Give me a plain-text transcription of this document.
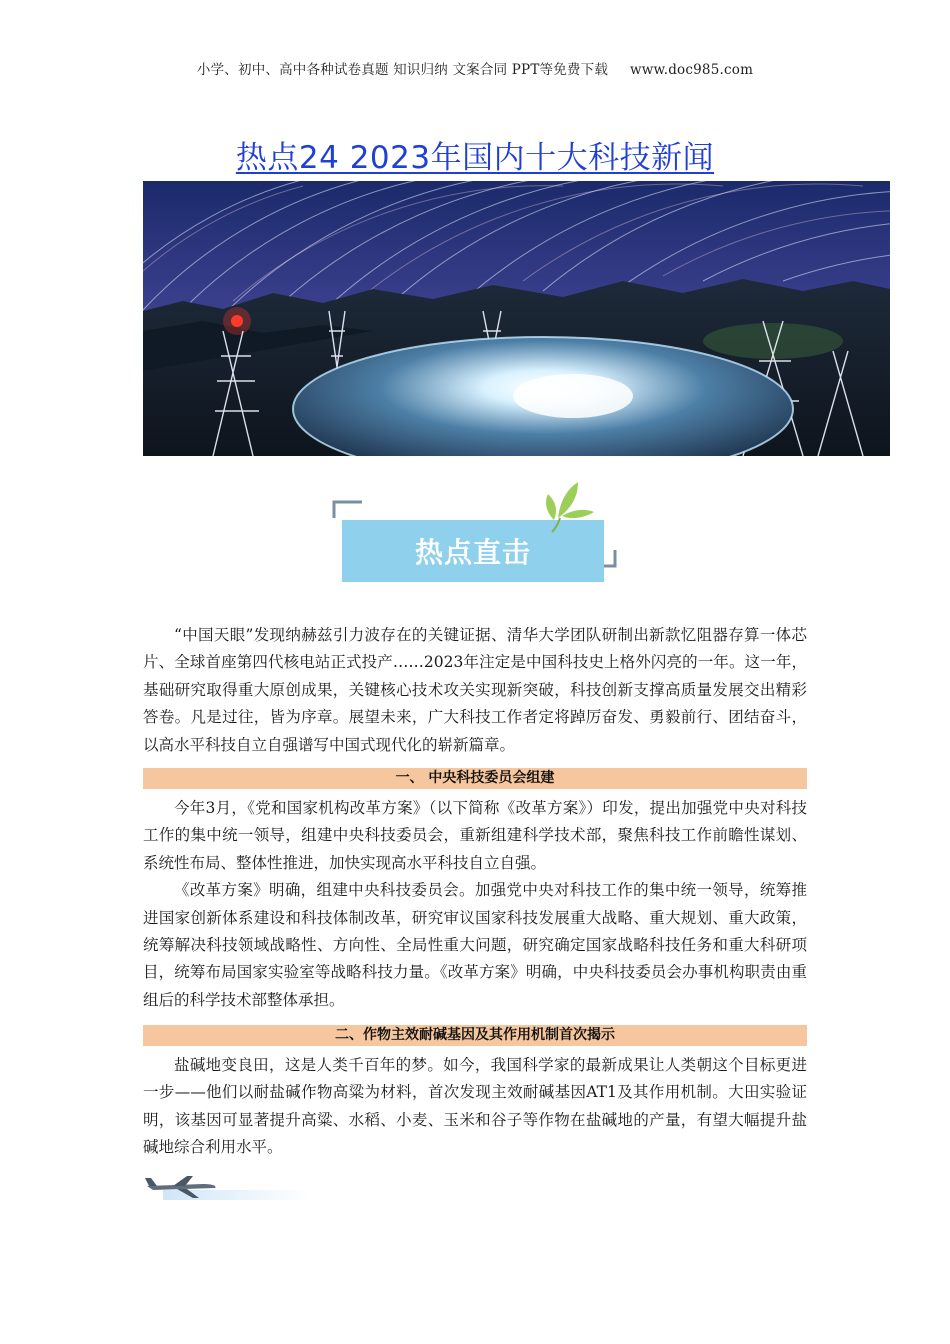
小学、初中、高中各种试卷真题 知识归纳 文案合同 PPT等免费下载 www.doc985.com
热点24 2023年国内十大科技新闻
热点直击

“中国天眼”发现纳赫兹引力波存在的关键证据、清华大学团队研制出新款忆阻器存算一体芯片、全球首座第四代核电站正式投产……2023年注定是中国科技史上格外闪亮的一年。这一年，基础研究取得重大原创成果，关键核心技术攻关实现新突破，科技创新支撑高质量发展交出精彩答卷。凡是过往，皆为序章。展望未来，广大科技工作者定将踔厉奋发、勇毅前行、团结奋斗，以高水平科技自立自强谱写中国式现代化的崭新篇章。

一、 中央科技委员会组建

今年3月，《党和国家机构改革方案》（以下简称《改革方案》）印发，提出加强党中央对科技工作的集中统一领导，组建中央科技委员会，重新组建科学技术部，聚焦科技工作前瞻性谋划、系统性布局、整体性推进，加快实现高水平科技自立自强。

《改革方案》明确，组建中央科技委员会。加强党中央对科技工作的集中统一领导，统筹推进国家创新体系建设和科技体制改革，研究审议国家科技发展重大战略、重大规划、重大政策，统筹解决科技领域战略性、方向性、全局性重大问题，研究确定国家战略科技任务和重大科研项目，统筹布局国家实验室等战略科技力量。《改革方案》明确，中央科技委员会办事机构职责由重组后的科学技术部整体承担。

二、作物主效耐碱基因及其作用机制首次揭示

盐碱地变良田，这是人类千百年的梦。如今，我国科学家的最新成果让人类朝这个目标更进一步——他们以耐盐碱作物高粱为材料，首次发现主效耐碱基因AT1及其作用机制。大田实验证明，该基因可显著提升高粱、水稻、小麦、玉米和谷子等作物在盐碱地的产量，有望大幅提升盐碱地综合利用水平。
